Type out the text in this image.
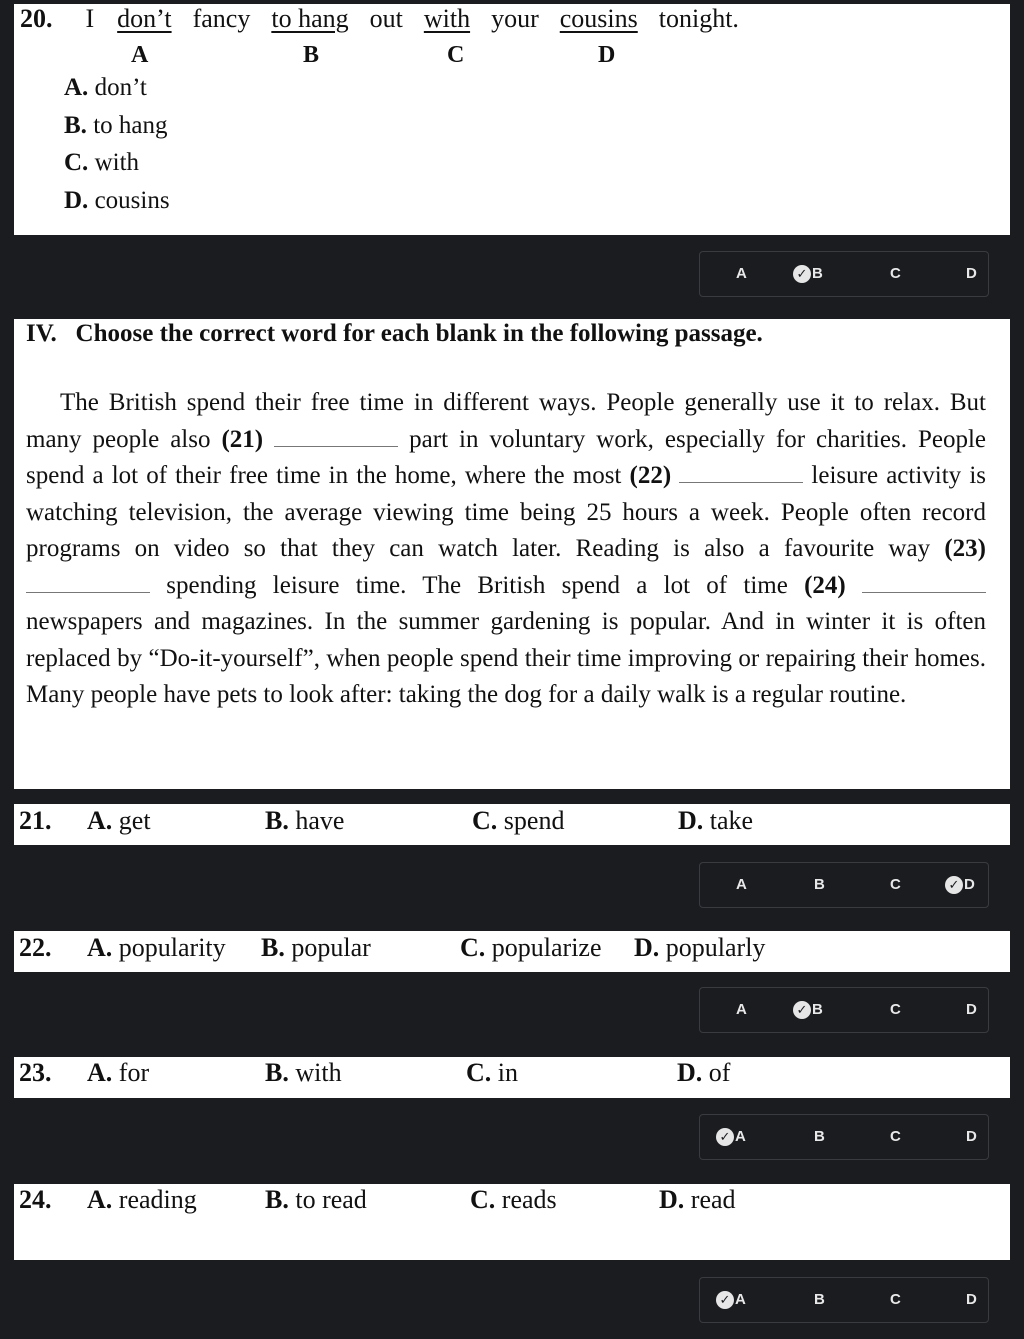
20. I don’t fancy to hang out with your cousins tonight.
A	B	C	D
A. don’t
B. to hang
C. with
D. cousins
A	✓ B	C	D
IV.   Choose the correct word for each blank in the following passage.

The British spend their free time in different ways. People generally use it to relax. But many people also (21)	part in voluntary work, especially for charities. People spend a lot of their free time in the home, where the most (22)	leisure activity is watching television, the average viewing time being 25 hours a week. People often record programs on video so that they can watch later. Reading is also a favourite way (23)  spending leisure time. The British spend a lot of time (24)  newspapers and magazines. In the summer gardening is popular. And in winter it is often replaced by “Do-it-yourself”, when people spend their time improving or repairing their homes. Many people have pets to look after: taking the dog for a daily walk is a regular routine.

21. A. get	B. have	C. spend	D. take
A	B	C	✓ D
22. A. popularity B. popular	C. popularize D. popularly
A	✓ B	C	D
23. A. for	B. with	C. in	D. of
✓ A	B	C	D
24. A. reading	B. to read	C. reads	D. read
✓ A	B	C	D
